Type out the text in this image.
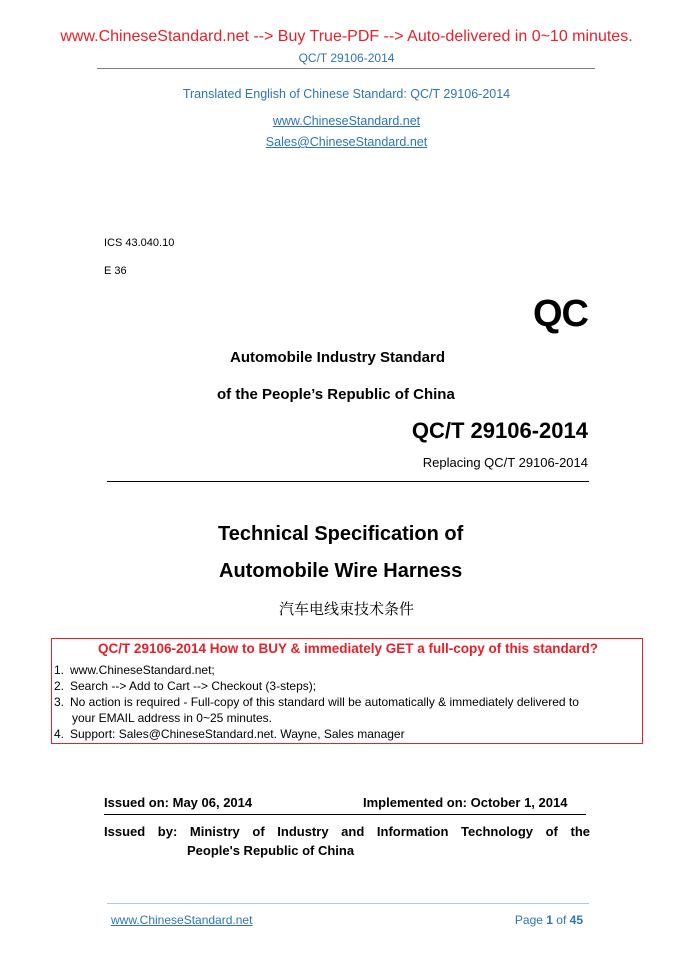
www.ChineseStandard.net --> Buy True-PDF --> Auto-delivered in 0~10 minutes.
QC/T 29106-2014
Translated English of Chinese Standard: QC/T 29106-2014
www.ChineseStandard.net
Sales@ChineseStandard.net
ICS 43.040.10
E 36
QC
Automobile Industry Standard
of the People’s Republic of China
QC/T 29106-2014
Replacing QC/T 29106-2014
Technical Specification of
Automobile Wire Harness
汽车电线束技术条件
QC/T 29106-2014 How to BUY & immediately GET a full-copy of this standard?
1. www.ChineseStandard.net;
2. Search --> Add to Cart --> Checkout (3-steps);
3. No action is required - Full-copy of this standard will be automatically & immediately delivered to
your EMAIL address in 0~25 minutes.
4. Support: Sales@ChineseStandard.net. Wayne, Sales manager
Issued on: May 06, 2014	Implemented on: October 1, 2014
Issued by: Ministry of Industry and Information Technology of the
People's Republic of China
www.ChineseStandard.net	Page 1 of 45
